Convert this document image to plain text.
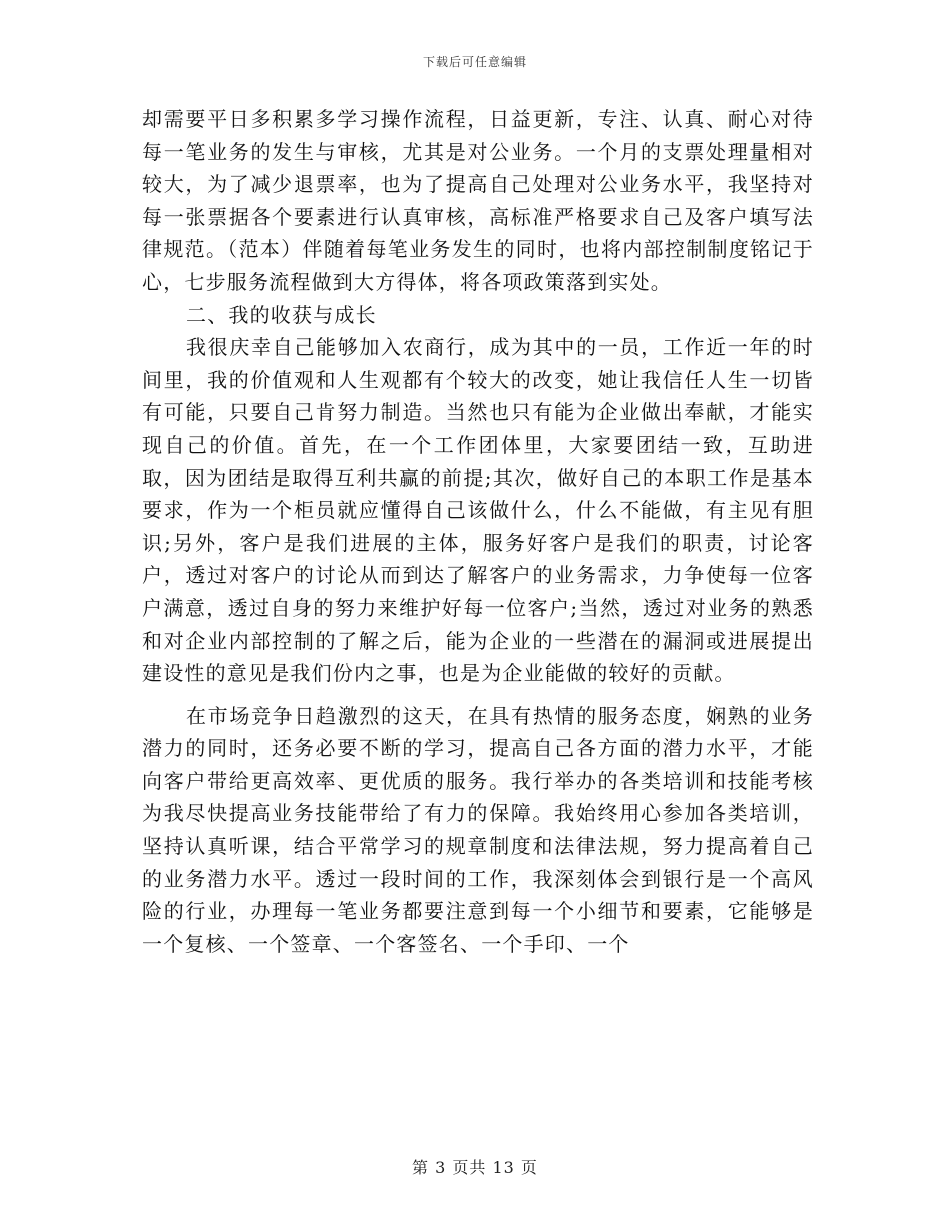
下载后可任意编辑

却需要平日多积累多学习操作流程，日益更新，专注、认真、耐心对待每一笔业务的发生与审核，尤其是对公业务。一个月的支票处理量相对较大，为了减少退票率，也为了提高自己处理对公业务水平，我坚持对每一张票据各个要素进行认真审核，高标准严格要求自己及客户填写法律规范。（范本）伴随着每笔业务发生的同时，也将内部控制制度铭记于心，七步服务流程做到大方得体，将各项政策落到实处。

二、我的收获与成长

我很庆幸自己能够加入农商行，成为其中的一员，工作近一年的时间里，我的价值观和人生观都有个较大的改变，她让我信任人生一切皆有可能，只要自己肯努力制造。当然也只有能为企业做出奉献，才能实现自己的价值。首先，在一个工作团体里，大家要团结一致，互助进取，因为团结是取得互利共赢的前提;其次，做好自己的本职工作是基本要求，作为一个柜员就应懂得自己该做什么，什么不能做，有主见有胆识;另外，客户是我们进展的主体，服务好客户是我们的职责，讨论客户，透过对客户的讨论从而到达了解客户的业务需求，力争使每一位客户满意，透过自身的努力来维护好每一位客户;当然，透过对业务的熟悉和对企业内部控制的了解之后，能为企业的一些潜在的漏洞或进展提出建设性的意见是我们份内之事，也是为企业能做的较好的贡献。

在市场竞争日趋激烈的这天，在具有热情的服务态度，娴熟的业务潜力的同时，还务必要不断的学习，提高自己各方面的潜力水平，才能向客户带给更高效率、更优质的服务。我行举办的各类培训和技能考核为我尽快提高业务技能带给了有力的保障。我始终用心参加各类培训，坚持认真听课，结合平常学习的规章制度和法律法规，努力提高着自己的业务潜力水平。透过一段时间的工作，我深刻体会到银行是一个高风险的行业，办理每一笔业务都要注意到每一个小细节和要素，它能够是一个复核、一个签章、一个客签名、一个手印、一个

第 3 页共 13 页
